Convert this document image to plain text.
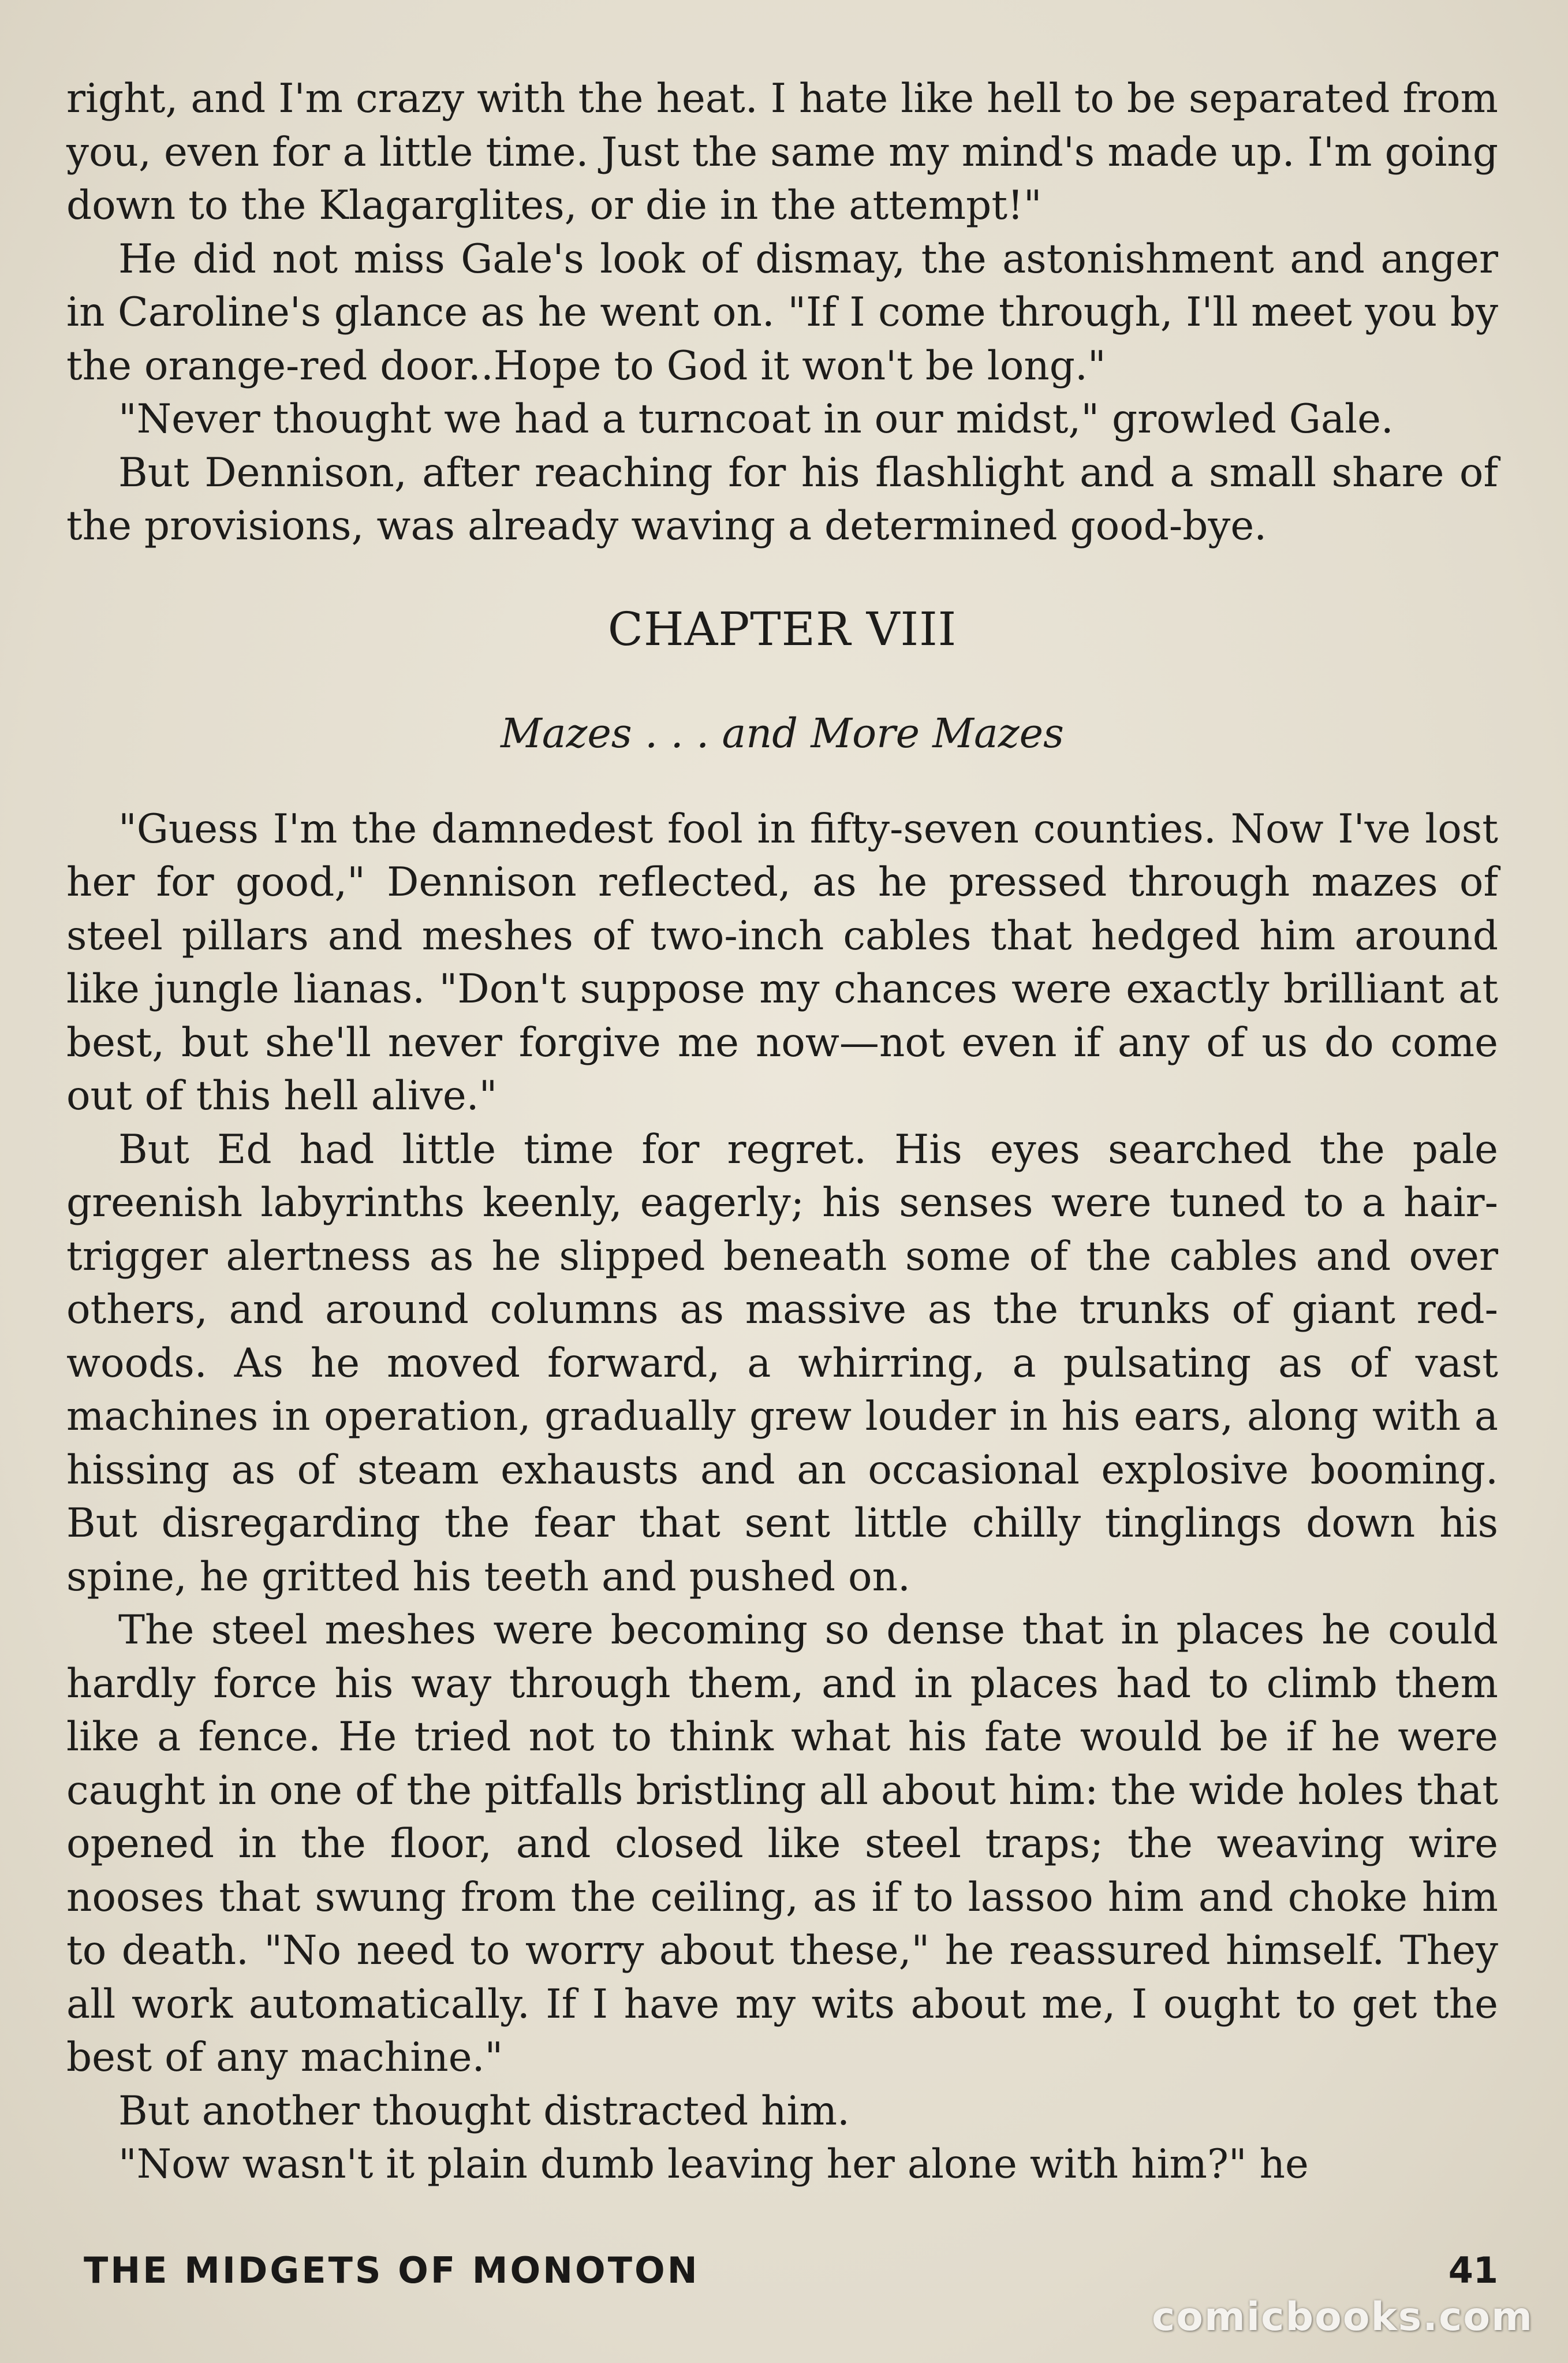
right, and I'm crazy with the heat. I hate like hell to be separated from you, even for a little time. Just the same my mind's made up. I'm going down to the Klagarglites, or die in the attempt!"

He did not miss Gale's look of dismay, the astonishment and anger in Caroline's glance as he went on. "If I come through, I'll meet you by the orange-red door..Hope to God it won't be long."

"Never thought we had a turncoat in our midst," growled Gale.

But Dennison, after reaching for his flashlight and a small share of the provisions, was already waving a determined good-bye.

CHAPTER VIII
Mazes . . . and More Mazes

"Guess I'm the damnedest fool in fifty-seven counties. Now I've lost her for good," Dennison reflected, as he pressed through mazes of steel pillars and meshes of two-inch cables that hedged him around like jungle lianas. "Don't suppose my chances were exactly brilliant at best, but she'll never forgive me now—not even if any of us do come out of this hell alive."

But Ed had little time for regret. His eyes searched the pale greenish labyrinths keenly, eagerly; his senses were tuned to a hair-trigger alertness as he slipped beneath some of the cables and over others, and around columns as massive as the trunks of giant red-woods. As he moved forward, a whirring, a pulsating as of vast machines in operation, gradually grew louder in his ears, along with a hissing as of steam exhausts and an occasional explosive booming. But disregarding the fear that sent little chilly tinglings down his spine, he gritted his teeth and pushed on.

The steel meshes were becoming so dense that in places he could hardly force his way through them, and in places had to climb them like a fence. He tried not to think what his fate would be if he were caught in one of the pitfalls bristling all about him: the wide holes that opened in the floor, and closed like steel traps; the weaving wire nooses that swung from the ceiling, as if to lassoo him and choke him to death. "No need to worry about these," he reassured himself. They all work automatically. If I have my wits about me, I ought to get the best of any machine."

But another thought distracted him.

"Now wasn't it plain dumb leaving her alone with him?" he

THE MIDGETS OF MONOTON	41
comicbooks.com
